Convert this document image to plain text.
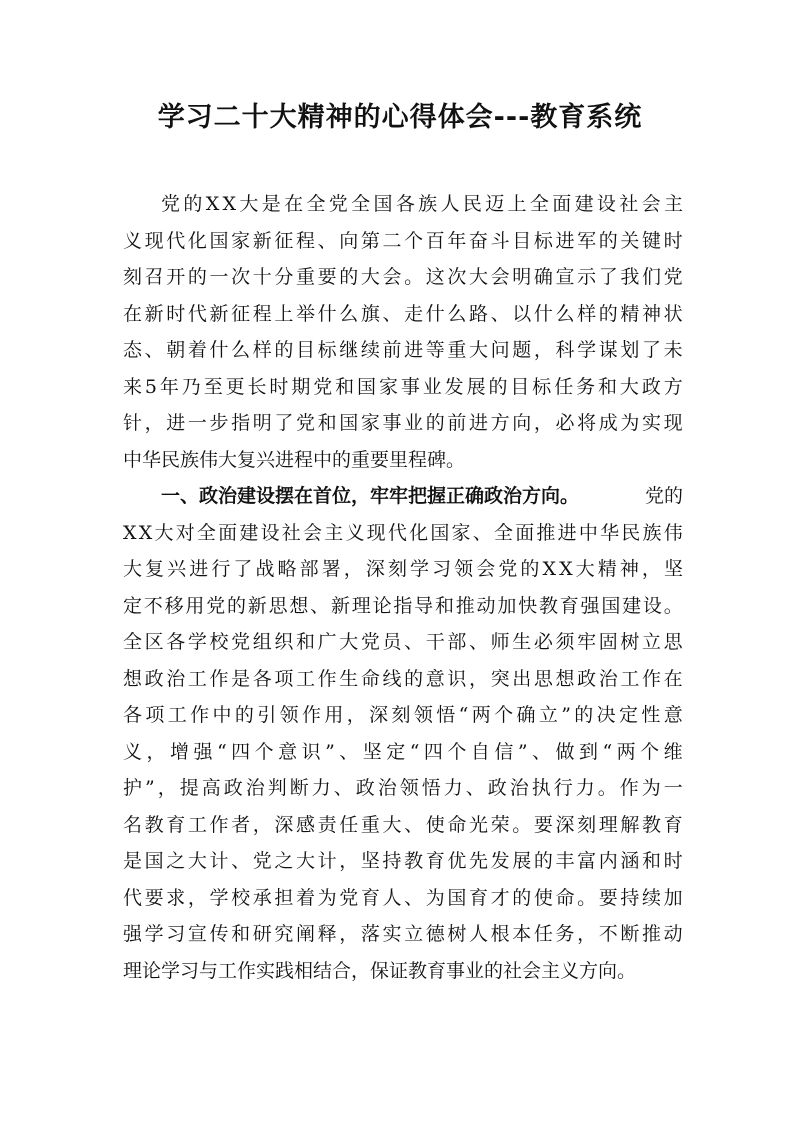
学习二十大精神的心得体会---教育系统
党 的 X X 大 是 在 全 党 全 国 各 族 人 民 迈 上 全 面 建 设 社 会 主
义 现 代 化 国 家 新 征 程 、 向 第 二 个 百 年 奋 斗 目 标 进 军 的 关 键 时
刻 召 开 的 一 次 十 分 重 要 的 大 会 。 这 次 大 会 明 确 宣 示 了 我 们 党
在 新 时 代 新 征 程 上 举 什 么 旗 、 走 什 么 路 、 以 什 么 样 的 精 神 状
态 、 朝 着 什 么 样 的 目 标 继 续 前 进 等 重 大 问 题 ， 科 学 谋 划 了 未
来 5 年 乃 至 更 长 时 期 党 和 国 家 事 业 发 展 的 目 标 任 务 和 大 政 方
针 ， 进 一 步 指 明 了 党 和 国 家 事 业 的 前 进 方 向 ， 必 将 成 为 实 现
中华民族伟大复兴进程中的重要里程碑。
一、政治建设摆在首位，牢牢把握正确政治方向。	党的
X X 大 对 全 面 建 设 社 会 主 义 现 代 化 国 家 、 全 面 推 进 中 华 民 族 伟
大 复 兴 进 行 了 战 略 部 署 ， 深 刻 学 习 领 会 党 的 X X 大 精 神 ， 坚
定 不 移 用 党 的 新 思 想 、 新 理 论 指 导 和 推 动 加 快 教 育 强 国 建 设 。
全 区 各 学 校 党 组 织 和 广 大 党 员 、 干 部 、 师 生 必 须 牢 固 树 立 思
想 政 治 工 作 是 各 项 工 作 生 命 线 的 意 识 ， 突 出 思 想 政 治 工 作 在
各 项 工 作 中 的 引 领 作 用 ， 深 刻 领 悟 “ 两 个 确 立 ” 的 决 定 性 意
义 ， 增 强 “ 四 个 意 识 ” 、 坚 定 “ 四 个 自 信 ” 、 做 到 “ 两 个 维
护 ” ， 提 高 政 治 判 断 力 、 政 治 领 悟 力 、 政 治 执 行 力 。 作 为 一
名 教 育 工 作 者 ， 深 感 责 任 重 大 、 使 命 光 荣 。 要 深 刻 理 解 教 育
是 国 之 大 计 、 党 之 大 计 ， 坚 持 教 育 优 先 发 展 的 丰 富 内 涵 和 时
代 要 求 ， 学 校 承 担 着 为 党 育 人 、 为 国 育 才 的 使 命 。 要 持 续 加
强 学 习 宣 传 和 研 究 阐 释 ， 落 实 立 德 树 人 根 本 任 务 ， 不 断 推 动
理论学习与工作实践相结合，保证教育事业的社会主义方向。
